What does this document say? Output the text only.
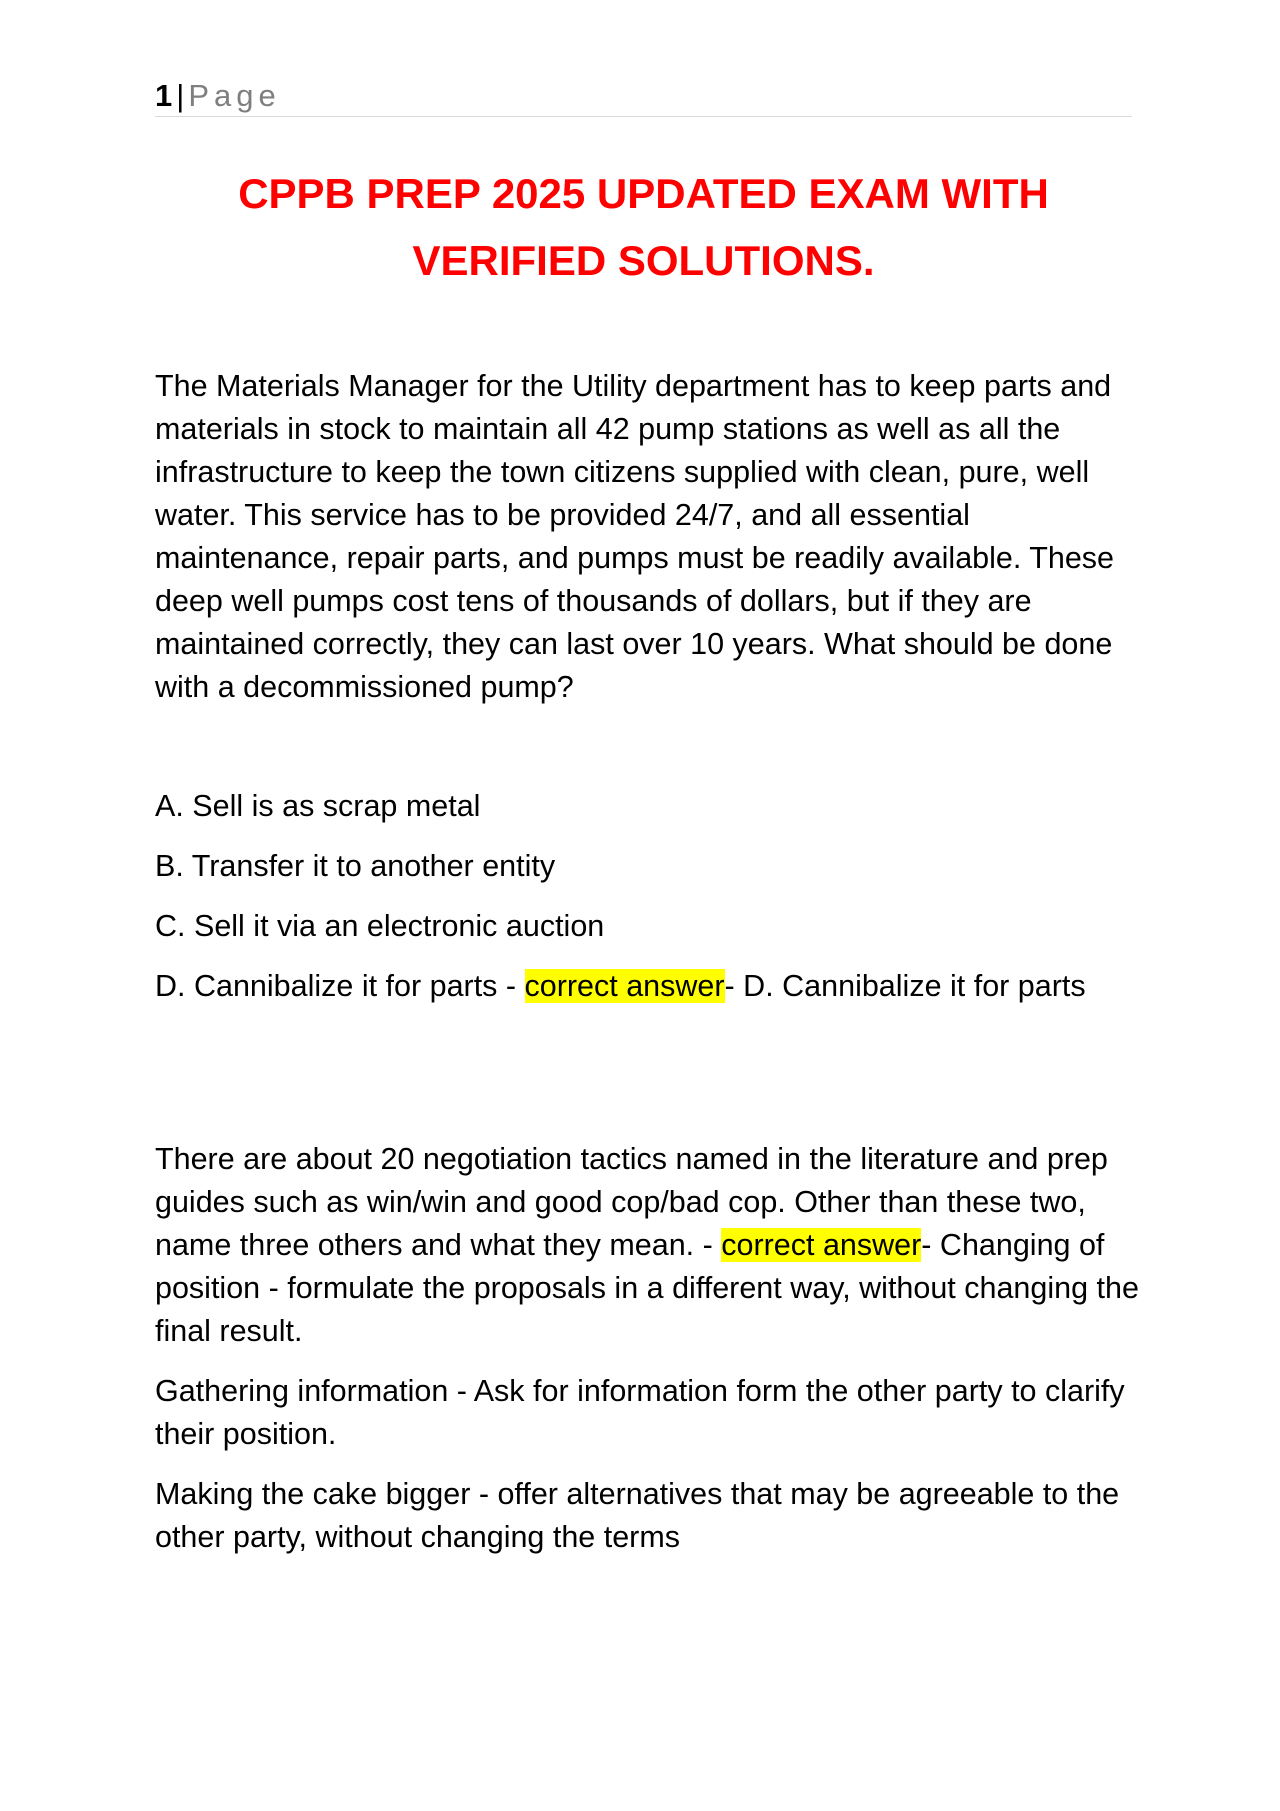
1 | Page
CPPB PREP 2025 UPDATED EXAM WITH
VERIFIED SOLUTIONS.

The Materials Manager for the Utility department has to keep parts and materials in stock to maintain all 42 pump stations as well as all the infrastructure to keep the town citizens supplied with clean, pure, well water. This service has to be provided 24/7, and all essential maintenance, repair parts, and pumps must be readily available. These deep well pumps cost tens of thousands of dollars, but if they are maintained correctly, they can last over 10 years. What should be done with a decommissioned pump?

A. Sell is as scrap metal

B. Transfer it to another entity

C. Sell it via an electronic auction

D. Cannibalize it for parts - correct answer- D. Cannibalize it for parts

There are about 20 negotiation tactics named in the literature and prep guides such as win/win and good cop/bad cop. Other than these two, name three others and what they mean. - correct answer- Changing of position - formulate the proposals in a different way, without changing the final result.

Gathering information - Ask for information form the other party to clarify their position.

Making the cake bigger - offer alternatives that may be agreeable to the other party, without changing the terms
